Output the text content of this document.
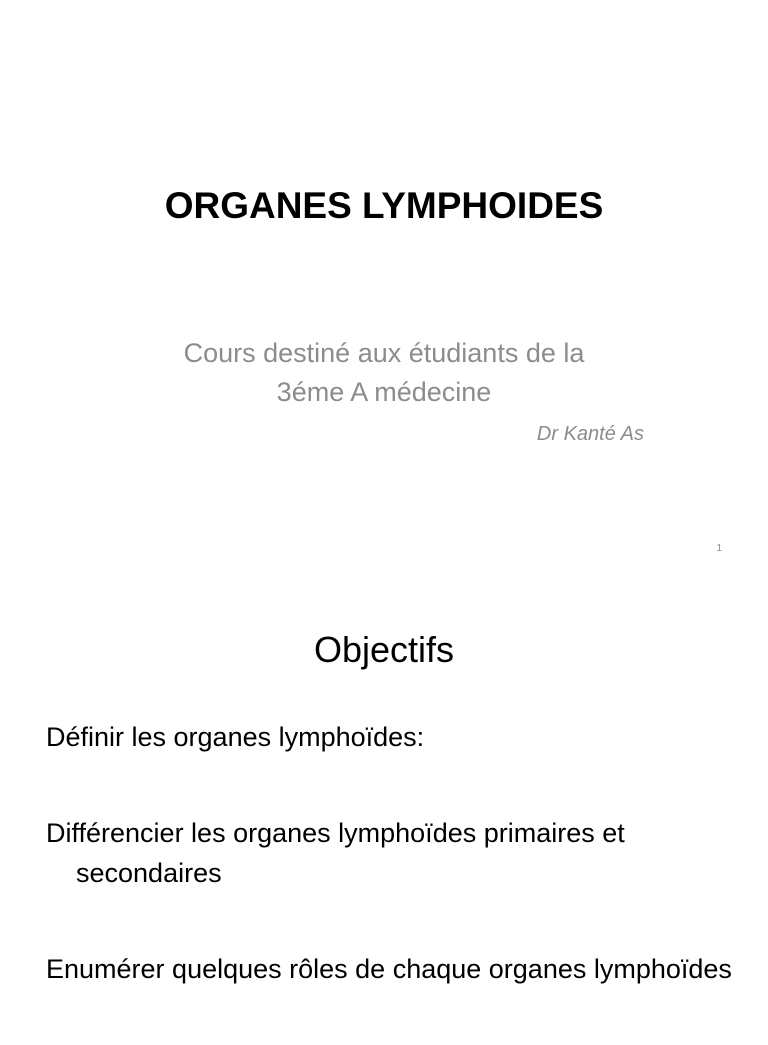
ORGANES LYMPHOIDES
Cours destiné aux étudiants de la
3éme A médecine
Dr Kanté As
1
Objectifs
Définir les organes lymphoïdes:
Différencier les organes lymphoïdes primaires et secondaires
Enumérer quelques rôles de chaque organes lymphoïdes
